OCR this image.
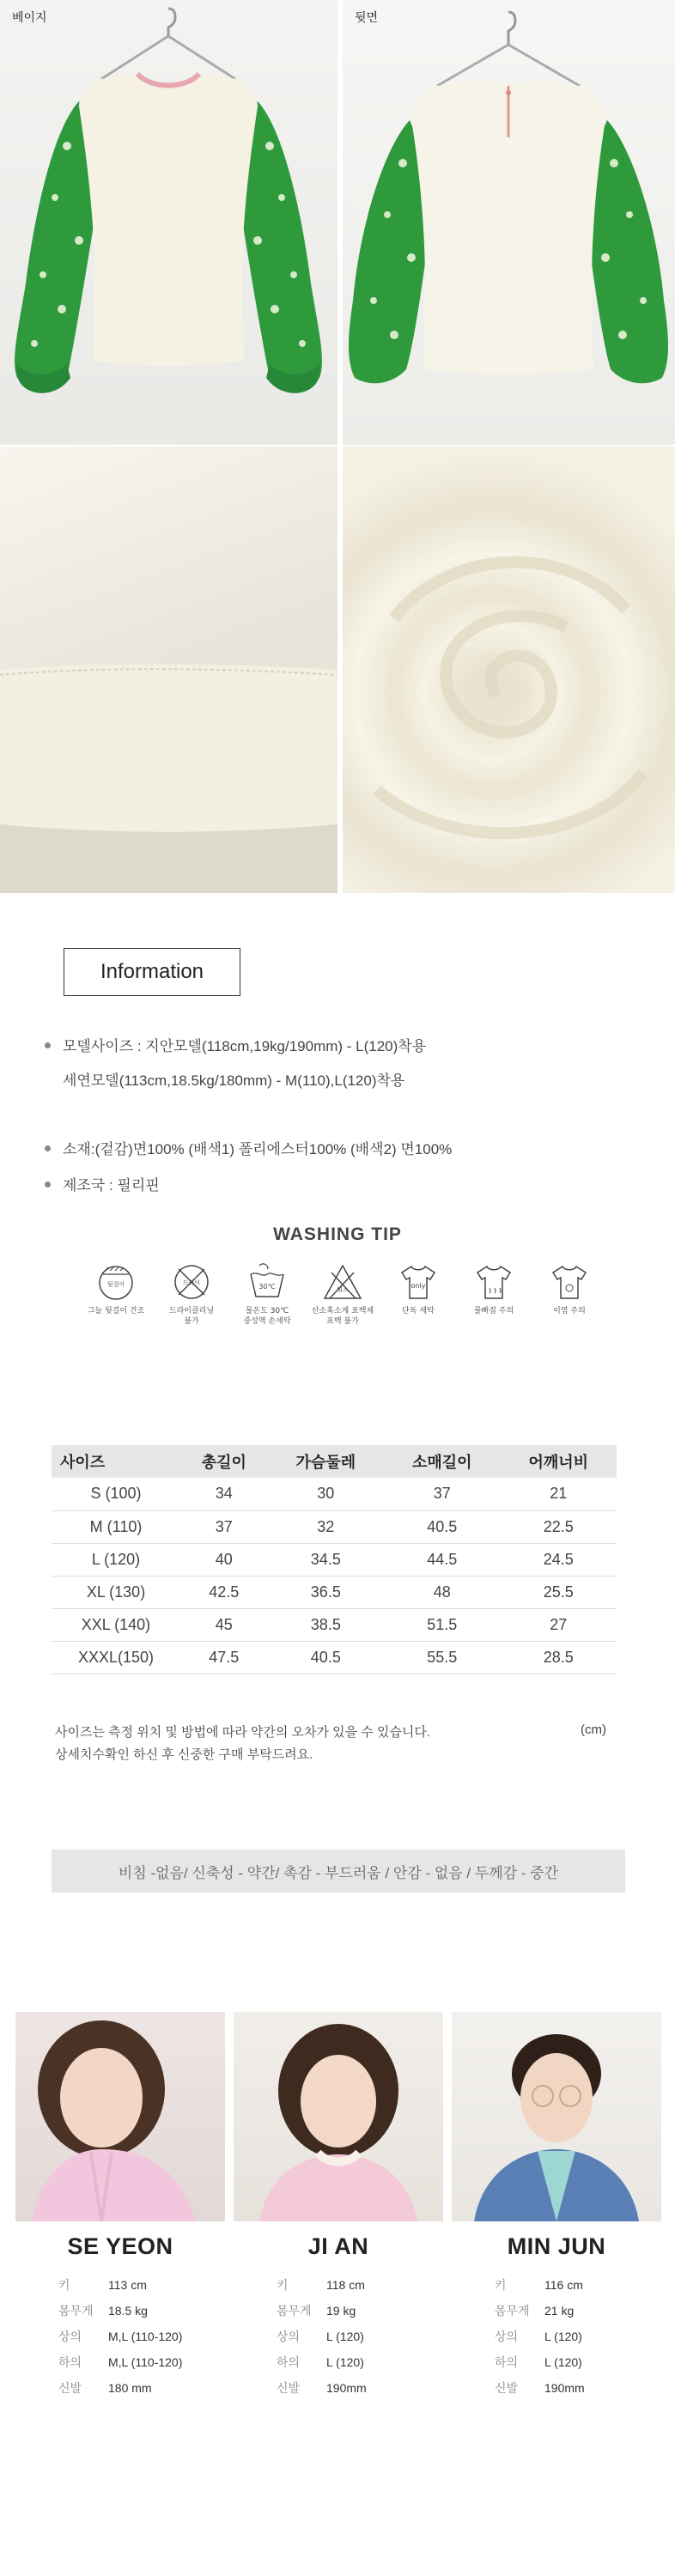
베이지	뒷면
Information
모델사이즈 : 지안모델(118cm,19kg/190mm) - L(120)착용
세연모델(113cm,18.5kg/180mm) - M(110),L(120)착용
소재:(겉감)면100% (배색1) 폴리에스터100% (배색2) 면100%
제조국 : 필리핀
WASHING TIP
뒷걸이
그늘 뒷걸이 건조
드라이
드라이클리닝
불가
30℃
물온도 30℃
중성액 손세탁
염소
산소혹소계 표백제
표백 불가
only
단독 세탁	물빠짐 주의	이염 주의
사이즈	총길이	가슴둘레	소매길이	어깨너비
S (100)	34	30	37	21
M (110)	37	32	40.5	22.5
L (120)	40	34.5	44.5	24.5
XL (130)	42.5	36.5	48	25.5
XXL (140)	45	38.5	51.5	27
XXXL(150)	47.5	40.5	55.5	28.5
사이즈는 측정 위치 및 방법에 따라 약간의 오차가 있을 수 있습니다.
상세치수확인 하신 후 신중한 구매 부탁드려요.
(cm)
비침 -없음/ 신축성 - 약간/ 촉감 - 부드러움 / 안감 - 없음 / 두께감 - 중간
SE YEON
키	113 cm
몸무게	18.5 kg
상의	M,L (110-120)
하의	M,L (110-120)
신발	180 mm
JI AN
키	118 cm
몸무게	19 kg
상의	L (120)
하의	L (120)
신발	190mm
MIN JUN
키	116 cm
몸무게	21 kg
상의	L (120)
하의	L (120)
신발	190mm
